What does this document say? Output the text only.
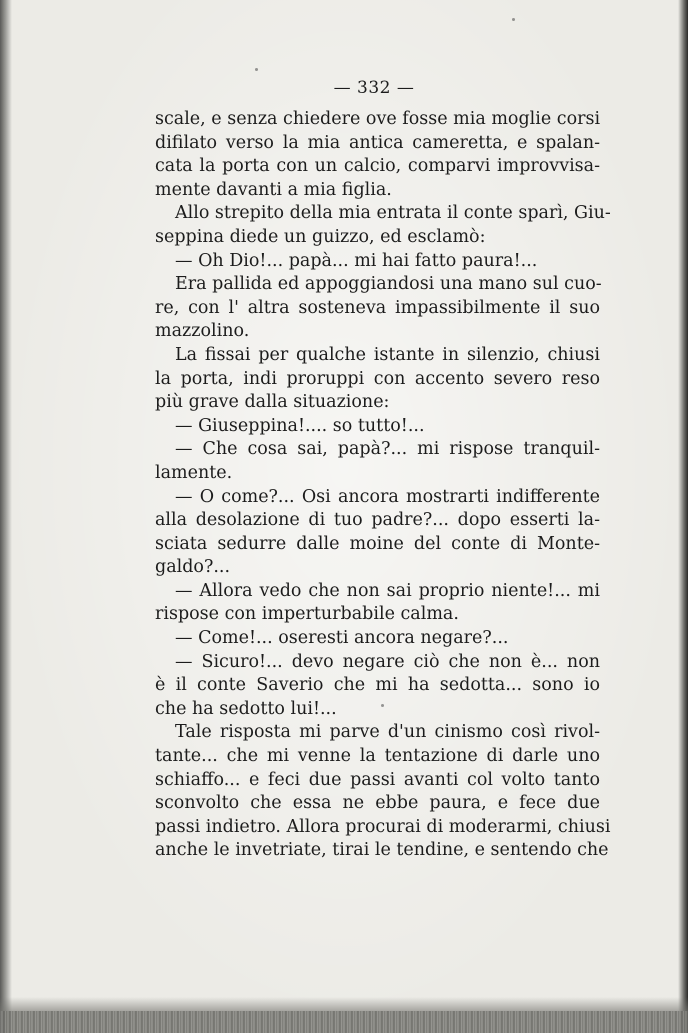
— 332 —
scale, e senza chiedere ove fosse mia moglie corsi
difilato verso la mia antica cameretta, e spalan-
cata la porta con un calcio, comparvi improvvisa-
mente davanti a mia figlia.
Allo strepito della mia entrata il conte sparì, Giu-
seppina diede un guizzo, ed esclamò:
— Oh Dio!... papà... mi hai fatto paura!...
Era pallida ed appoggiandosi una mano sul cuo-
re, con l' altra sosteneva impassibilmente il suo
mazzolino.
La fissai per qualche istante in silenzio, chiusi
la porta, indi proruppi con accento severo reso
più grave dalla situazione:
— Giuseppina!.... so tutto!...
— Che cosa sai, papà?... mi rispose tranquil-
lamente.
— O come?... Osi ancora mostrarti indifferente
alla desolazione di tuo padre?... dopo esserti la-
sciata sedurre dalle moine del conte di Monte-
galdo?...
— Allora vedo che non sai proprio niente!... mi
rispose con imperturbabile calma.
— Come!... oseresti ancora negare?...
— Sicuro!... devo negare ciò che non è... non
è il conte Saverio che mi ha sedotta... sono io
che ha sedotto lui!...
Tale risposta mi parve d'un cinismo così rivol-
tante... che mi venne la tentazione di darle uno
schiaffo... e feci due passi avanti col volto tanto
sconvolto che essa ne ebbe paura, e fece due
passi indietro. Allora procurai di moderarmi, chiusi
anche le invetriate, tirai le tendine, e sentendo che
